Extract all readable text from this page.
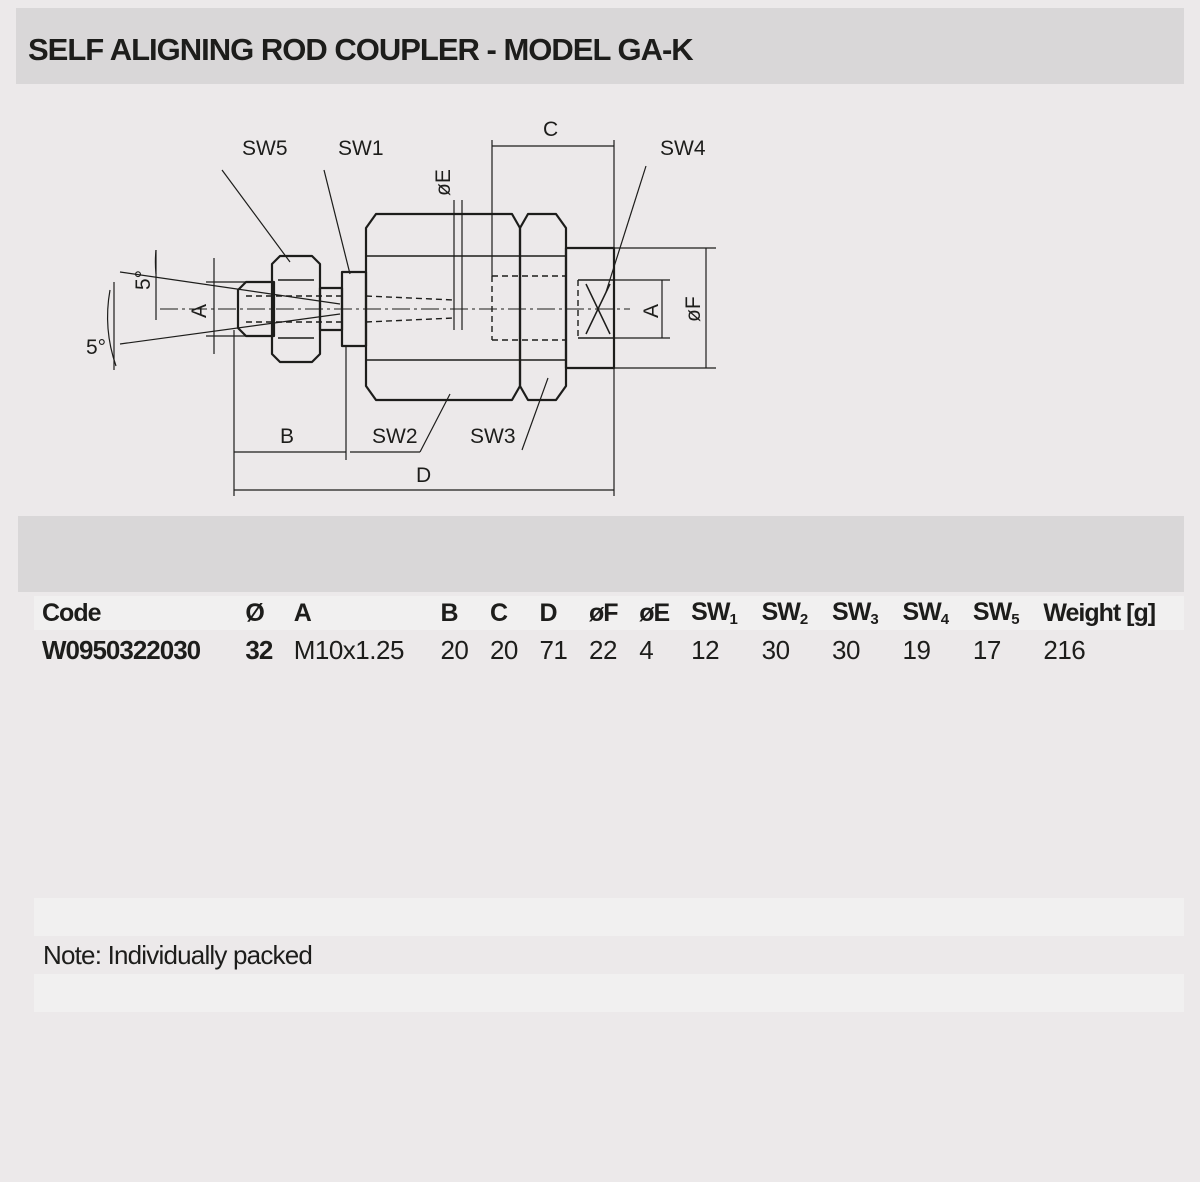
SELF ALIGNING ROD COUPLER - MODEL GA-K
SW5 SW1
C
SW4
øE
5°
5°
A	A øF
B	SW2 SW3
D
Code	Ø	A	B	C	D	øF	øE	$SW_1$	$SW_2$	$SW_3$	$SW_4$	$SW_5$	Weight [g]
W0950322030	32	M10x1.25	20	20	71	22	4	12	30	30	19	17	216
Note: Individually packed
